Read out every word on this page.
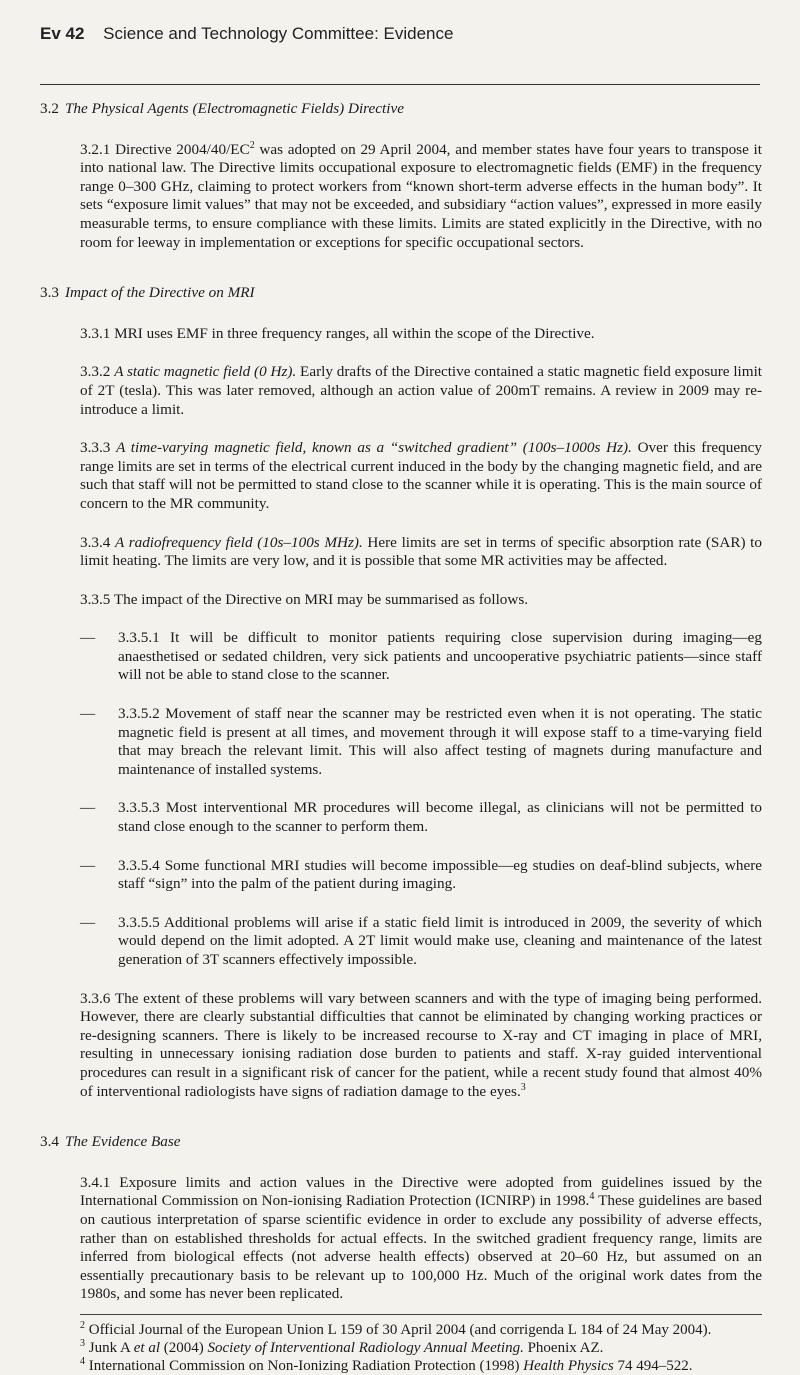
Ev 42 Science and Technology Committee: Evidence
3.2 The Physical Agents (Electromagnetic Fields) Directive

3.2.1 Directive $2004/40/EC^2$ was adopted on 29 April 2004, and member states have four years to transpose it into national law. The Directive limits occupational exposure to electromagnetic fields (EMF) in the frequency range 0–300 GHz, claiming to protect workers from “known short-term adverse effects in the human body”. It sets “exposure limit values” that may not be exceeded, and subsidiary “action values”, expressed in more easily measurable terms, to ensure compliance with these limits. Limits are stated explicitly in the Directive, with no room for leeway in implementation or exceptions for specific occupational sectors.

3.3 Impact of the Directive on MRI

3.3.1 MRI uses EMF in three frequency ranges, all within the scope of the Directive.

3.3.2 A static magnetic field (0 Hz). Early drafts of the Directive contained a static magnetic field exposure limit of 2T (tesla). This was later removed, although an action value of 200mT remains. A review in 2009 may re-introduce a limit.

3.3.3 A time-varying magnetic field, known as a “switched gradient” (100s–1000s Hz). Over this frequency range limits are set in terms of the electrical current induced in the body by the changing magnetic field, and are such that staff will not be permitted to stand close to the scanner while it is operating. This is the main source of concern to the MR community.

3.3.4 A radiofrequency field (10s–100s MHz). Here limits are set in terms of specific absorption rate (SAR) to limit heating. The limits are very low, and it is possible that some MR activities may be affected.

3.3.5 The impact of the Directive on MRI may be summarised as follows.

— 3.3.5.1 It will be difficult to monitor patients requiring close supervision during imaging—eg anaesthetised or sedated children, very sick patients and uncooperative psychiatric patients—since staff will not be able to stand close to the scanner.

— 3.3.5.2 Movement of staff near the scanner may be restricted even when it is not operating. The static magnetic field is present at all times, and movement through it will expose staff to a time-varying field that may breach the relevant limit. This will also affect testing of magnets during manufacture and maintenance of installed systems.

— 3.3.5.3 Most interventional MR procedures will become illegal, as clinicians will not be permitted to stand close enough to the scanner to perform them.

— 3.3.5.4 Some functional MRI studies will become impossible—eg studies on deaf-blind subjects, where staff “sign” into the palm of the patient during imaging.

— 3.3.5.5 Additional problems will arise if a static field limit is introduced in 2009, the severity of which would depend on the limit adopted. A 2T limit would make use, cleaning and maintenance of the latest generation of 3T scanners effectively impossible.

3.3.6 The extent of these problems will vary between scanners and with the type of imaging being performed. However, there are clearly substantial difficulties that cannot be eliminated by changing working practices or re-designing scanners. There is likely to be increased recourse to X-ray and CT imaging in place of MRI, resulting in unnecessary ionising radiation dose burden to patients and staff. X-ray guided interventional procedures can result in a significant risk of cancer for the patient, while a recent study found that almost 40% of interventional radiologists have signs of radiation damage to the eyes.$^3$

3.4 The Evidence Base

3.4.1 Exposure limits and action values in the Directive were adopted from guidelines issued by the International Commission on Non-ionising Radiation Protection (ICNIRP) in 1998.$^4$ These guidelines are based on cautious interpretation of sparse scientific evidence in order to exclude any possibility of adverse effects, rather than on established thresholds for actual effects. In the switched gradient frequency range, limits are inferred from biological effects (not adverse health effects) observed at 20–60 Hz, but assumed on an essentially precautionary basis to be relevant up to 100,000 Hz. Much of the original work dates from the 1980s, and some has never been replicated.

$^2$ Official Journal of the European Union L 159 of 30 April 2004 (and corrigenda L 184 of 24 May 2004).
$^3$ Junk A et al (2004) Society of Interventional Radiology Annual Meeting. Phoenix AZ.
$^4$ International Commission on Non-Ionizing Radiation Protection (1998) Health Physics 74 494–522.
